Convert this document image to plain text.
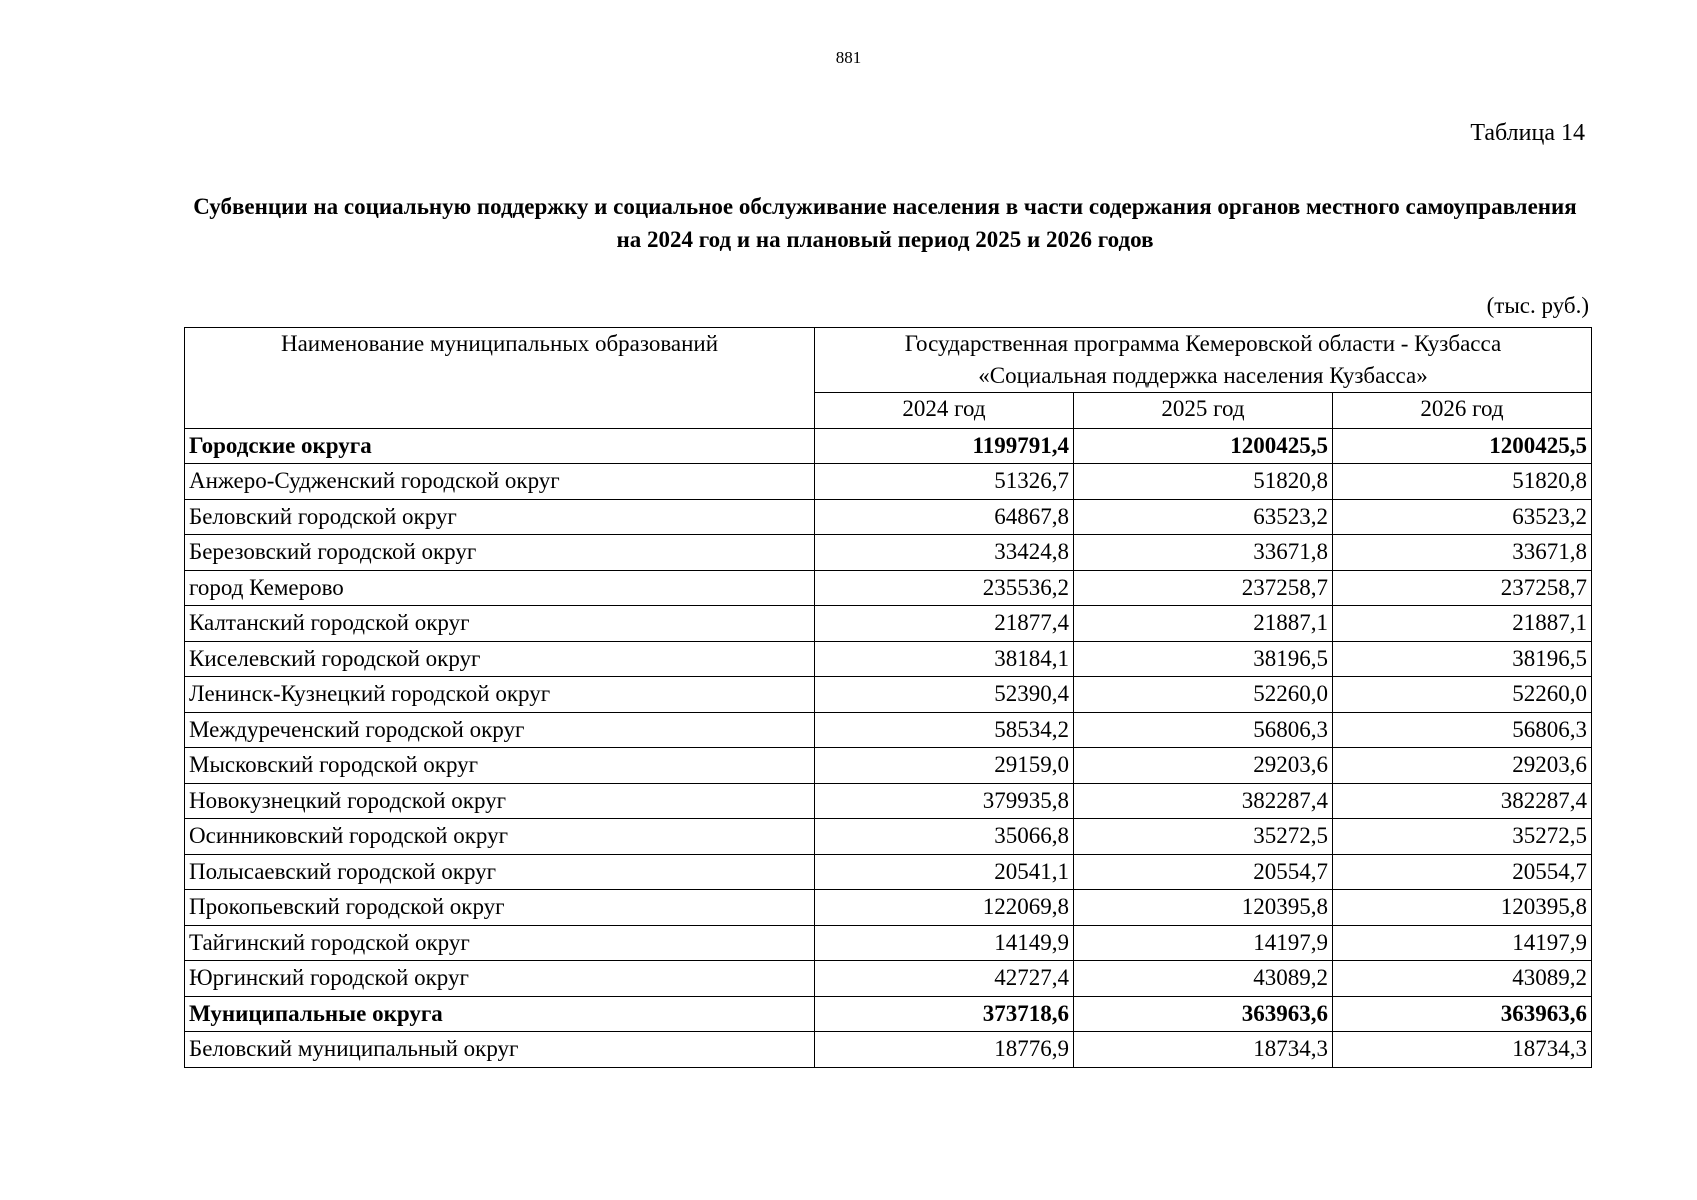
881
Таблица 14
Субвенции на социальную поддержку и социальное обслуживание населения в части содержания органов местного самоуправления на 2024 год и на плановый период 2025 и 2026 годов
(тыс. руб.)
Наименование муниципальных образований	Государственная программа Кемеровской области - Кузбасса «Социальная поддержка населения Кузбасса»		

	2024 год	2025 год	2026 год
Городские округа	1199791,4	1200425,5	1200425,5
Анжеро-Судженский городской округ	51326,7	51820,8	51820,8
Беловский городской округ	64867,8	63523,2	63523,2
Березовский городской округ	33424,8	33671,8	33671,8
город Кемерово	235536,2	237258,7	237258,7
Калтанский городской округ	21877,4	21887,1	21887,1
Киселевский городской округ	38184,1	38196,5	38196,5
Ленинск-Кузнецкий городской округ	52390,4	52260,0	52260,0
Междуреченский городской округ	58534,2	56806,3	56806,3
Мысковский городской округ	29159,0	29203,6	29203,6
Новокузнецкий городской округ	379935,8	382287,4	382287,4
Осинниковский городской округ	35066,8	35272,5	35272,5
Полысаевский городской округ	20541,1	20554,7	20554,7
Прокопьевский городской округ	122069,8	120395,8	120395,8
Тайгинский городской округ	14149,9	14197,9	14197,9
Юргинский городской округ	42727,4	43089,2	43089,2
Муниципальные округа	373718,6	363963,6	363963,6
Беловский муниципальный округ	18776,9	18734,3	18734,3
